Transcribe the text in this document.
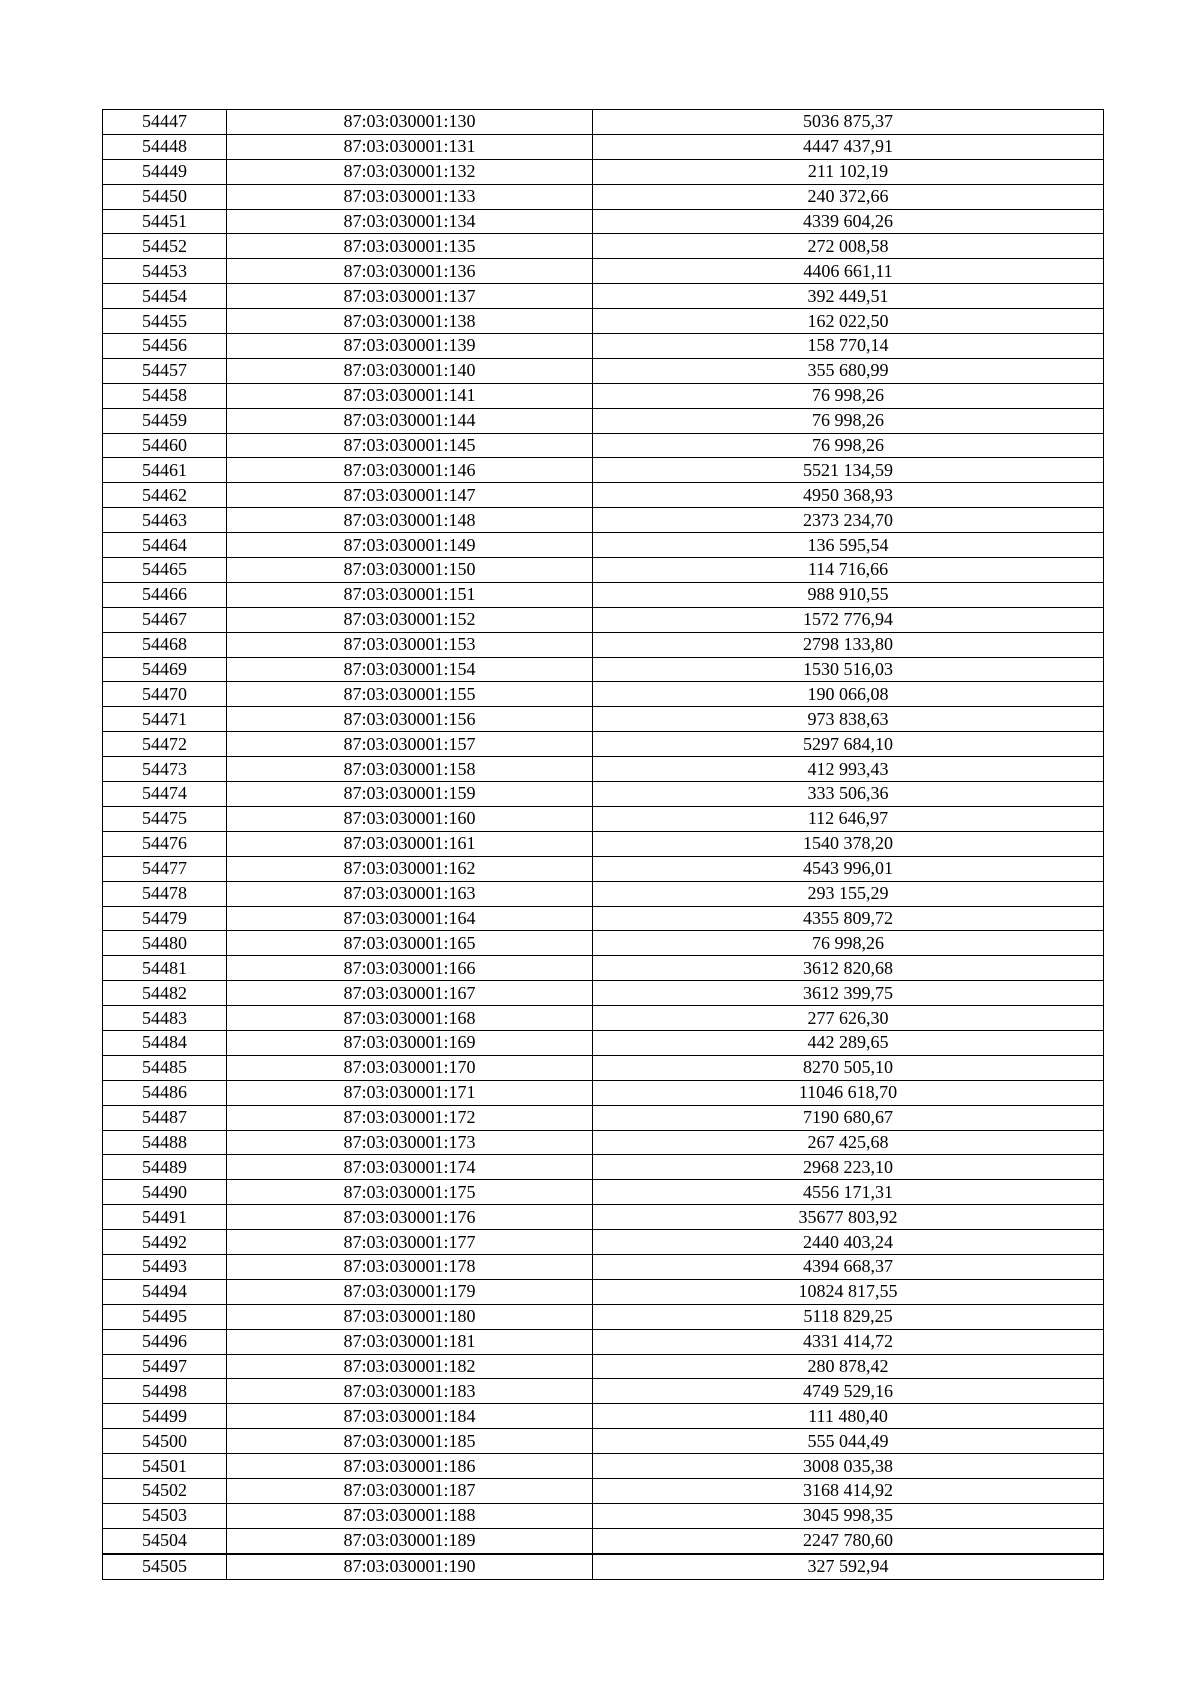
54447	87:03:030001:130	5036 875,37
54448	87:03:030001:131	4447 437,91
54449	87:03:030001:132	211 102,19
54450	87:03:030001:133	240 372,66
54451	87:03:030001:134	4339 604,26
54452	87:03:030001:135	272 008,58
54453	87:03:030001:136	4406 661,11
54454	87:03:030001:137	392 449,51
54455	87:03:030001:138	162 022,50
54456	87:03:030001:139	158 770,14
54457	87:03:030001:140	355 680,99
54458	87:03:030001:141	76 998,26
54459	87:03:030001:144	76 998,26
54460	87:03:030001:145	76 998,26
54461	87:03:030001:146	5521 134,59
54462	87:03:030001:147	4950 368,93
54463	87:03:030001:148	2373 234,70
54464	87:03:030001:149	136 595,54
54465	87:03:030001:150	114 716,66
54466	87:03:030001:151	988 910,55
54467	87:03:030001:152	1572 776,94
54468	87:03:030001:153	2798 133,80
54469	87:03:030001:154	1530 516,03
54470	87:03:030001:155	190 066,08
54471	87:03:030001:156	973 838,63
54472	87:03:030001:157	5297 684,10
54473	87:03:030001:158	412 993,43
54474	87:03:030001:159	333 506,36
54475	87:03:030001:160	112 646,97
54476	87:03:030001:161	1540 378,20
54477	87:03:030001:162	4543 996,01
54478	87:03:030001:163	293 155,29
54479	87:03:030001:164	4355 809,72
54480	87:03:030001:165	76 998,26
54481	87:03:030001:166	3612 820,68
54482	87:03:030001:167	3612 399,75
54483	87:03:030001:168	277 626,30
54484	87:03:030001:169	442 289,65
54485	87:03:030001:170	8270 505,10
54486	87:03:030001:171	11046 618,70
54487	87:03:030001:172	7190 680,67
54488	87:03:030001:173	267 425,68
54489	87:03:030001:174	2968 223,10
54490	87:03:030001:175	4556 171,31
54491	87:03:030001:176	35677 803,92
54492	87:03:030001:177	2440 403,24
54493	87:03:030001:178	4394 668,37
54494	87:03:030001:179	10824 817,55
54495	87:03:030001:180	5118 829,25
54496	87:03:030001:181	4331 414,72
54497	87:03:030001:182	280 878,42
54498	87:03:030001:183	4749 529,16
54499	87:03:030001:184	111 480,40
54500	87:03:030001:185	555 044,49
54501	87:03:030001:186	3008 035,38
54502	87:03:030001:187	3168 414,92
54503	87:03:030001:188	3045 998,35
54504	87:03:030001:189	2247 780,60
54505	87:03:030001:190	327 592,94
